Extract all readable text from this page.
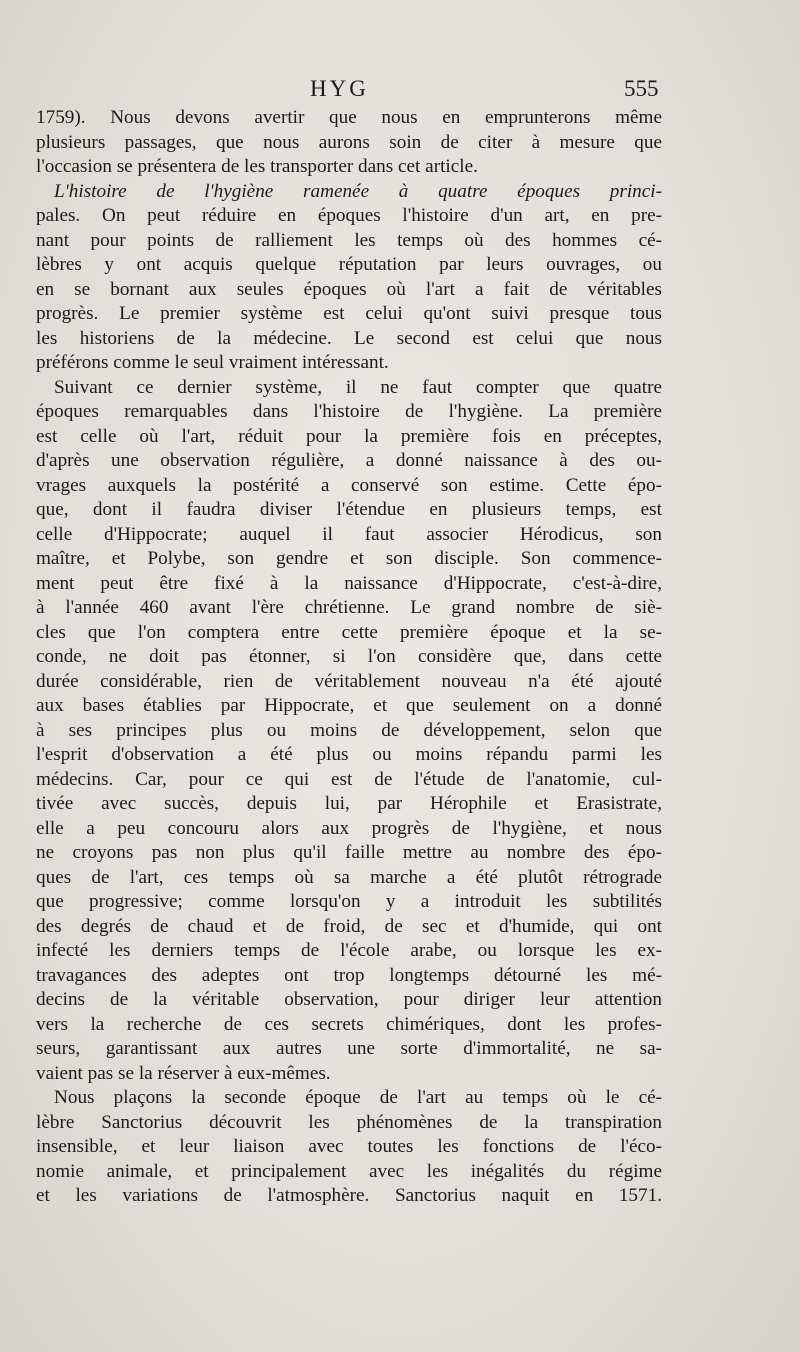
HYG	555
1759). Nous devons avertir que nous en emprunterons même
plusieurs passages, que nous aurons soin de citer à mesure que
l'occasion se présentera de les transporter dans cet article.
L'histoire de l'hygiène ramenée à quatre époques princi-
pales. On peut réduire en époques l'histoire d'un art, en pre-
nant pour points de ralliement les temps où des hommes cé-
lèbres y ont acquis quelque réputation par leurs ouvrages, ou
en se bornant aux seules époques où l'art a fait de véritables
progrès. Le premier système est celui qu'ont suivi presque tous
les historiens de la médecine. Le second est celui que nous
préférons comme le seul vraiment intéressant.
Suivant ce dernier système, il ne faut compter que quatre
époques remarquables dans l'histoire de l'hygiène. La première
est celle où l'art, réduit pour la première fois en préceptes,
d'après une observation régulière, a donné naissance à des ou-
vrages auxquels la postérité a conservé son estime. Cette épo-
que, dont il faudra diviser l'étendue en plusieurs temps, est
celle d'Hippocrate; auquel il faut associer Hérodicus, son
maître, et Polybe, son gendre et son disciple. Son commence-
ment peut être fixé à la naissance d'Hippocrate, c'est-à-dire,
à l'année 460 avant l'ère chrétienne. Le grand nombre de siè-
cles que l'on comptera entre cette première époque et la se-
conde, ne doit pas étonner, si l'on considère que, dans cette
durée considérable, rien de véritablement nouveau n'a été ajouté
aux bases établies par Hippocrate, et que seulement on a donné
à ses principes plus ou moins de développement, selon que
l'esprit d'observation a été plus ou moins répandu parmi les
médecins. Car, pour ce qui est de l'étude de l'anatomie, cul-
tivée avec succès, depuis lui, par Hérophile et Erasistrate,
elle a peu concouru alors aux progrès de l'hygiène, et nous
ne croyons pas non plus qu'il faille mettre au nombre des épo-
ques de l'art, ces temps où sa marche a été plutôt rétrograde
que progressive; comme lorsqu'on y a introduit les subtilités
des degrés de chaud et de froid, de sec et d'humide, qui ont
infecté les derniers temps de l'école arabe, ou lorsque les ex-
travagances des adeptes ont trop longtemps détourné les mé-
decins de la véritable observation, pour diriger leur attention
vers la recherche de ces secrets chimériques, dont les profes-
seurs, garantissant aux autres une sorte d'immortalité, ne sa-
vaient pas se la réserver à eux-mêmes.
Nous plaçons la seconde époque de l'art au temps où le cé-
lèbre Sanctorius découvrit les phénomènes de la transpiration
insensible, et leur liaison avec toutes les fonctions de l'éco-
nomie animale, et principalement avec les inégalités du régime
et les variations de l'atmosphère. Sanctorius naquit en 1571.
